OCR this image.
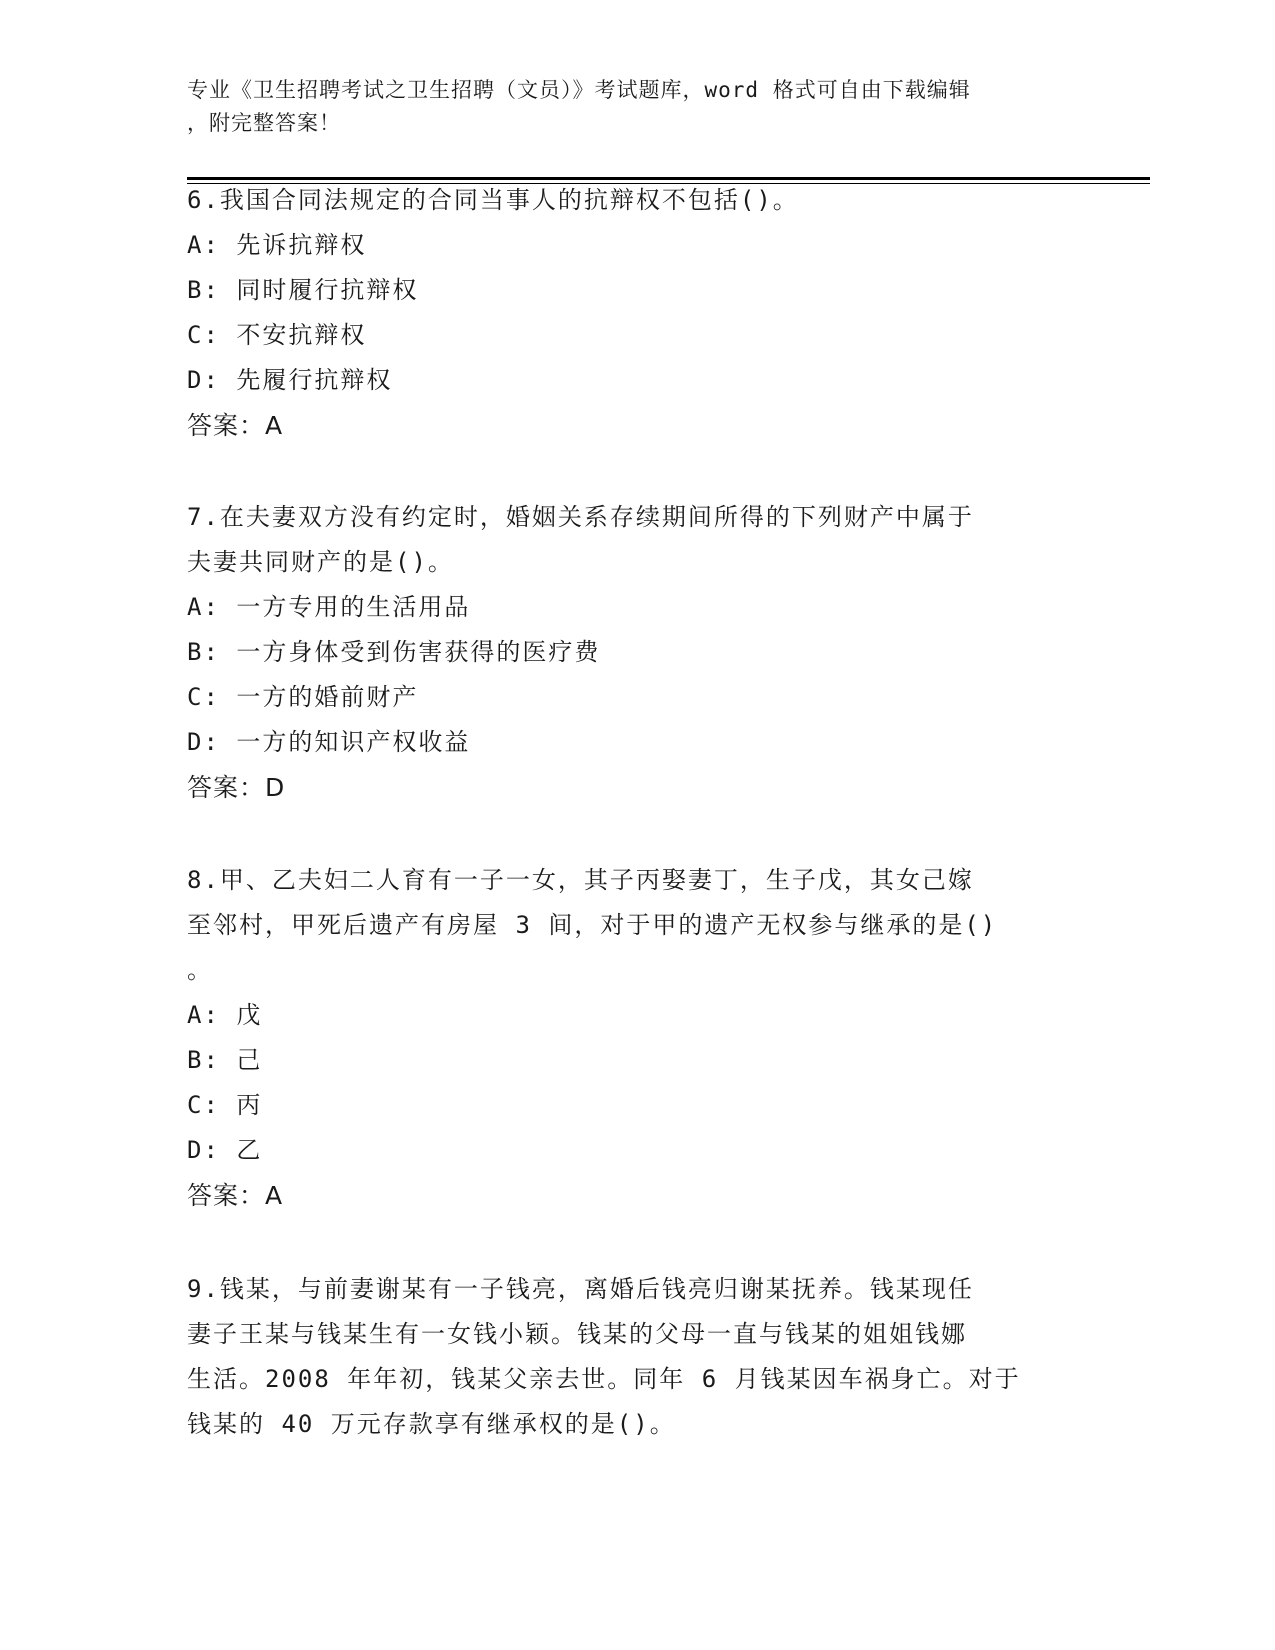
专业《卫生招聘考试之卫生招聘（文员）》考试题库，word 格式可自由下载编辑
，附完整答案！
6.我国合同法规定的合同当事人的抗辩权不包括()。
A: 先诉抗辩权
B: 同时履行抗辩权
C: 不安抗辩权
D: 先履行抗辩权
答案：A
7.在夫妻双方没有约定时，婚姻关系存续期间所得的下列财产中属于
夫妻共同财产的是()。
A: 一方专用的生活用品
B: 一方身体受到伤害获得的医疗费
C: 一方的婚前财产
D: 一方的知识产权收益
答案：D
8.甲、乙夫妇二人育有一子一女，其子丙娶妻丁，生子戊，其女己嫁
至邻村，甲死后遗产有房屋 3 间，对于甲的遗产无权参与继承的是()
。
A: 戊
B: 己
C: 丙
D: 乙
答案：A
9.钱某，与前妻谢某有一子钱亮，离婚后钱亮归谢某抚养。钱某现任
妻子王某与钱某生有一女钱小颖。钱某的父母一直与钱某的姐姐钱娜
生活。2008 年年初，钱某父亲去世。同年 6 月钱某因车祸身亡。对于
钱某的 40 万元存款享有继承权的是()。
